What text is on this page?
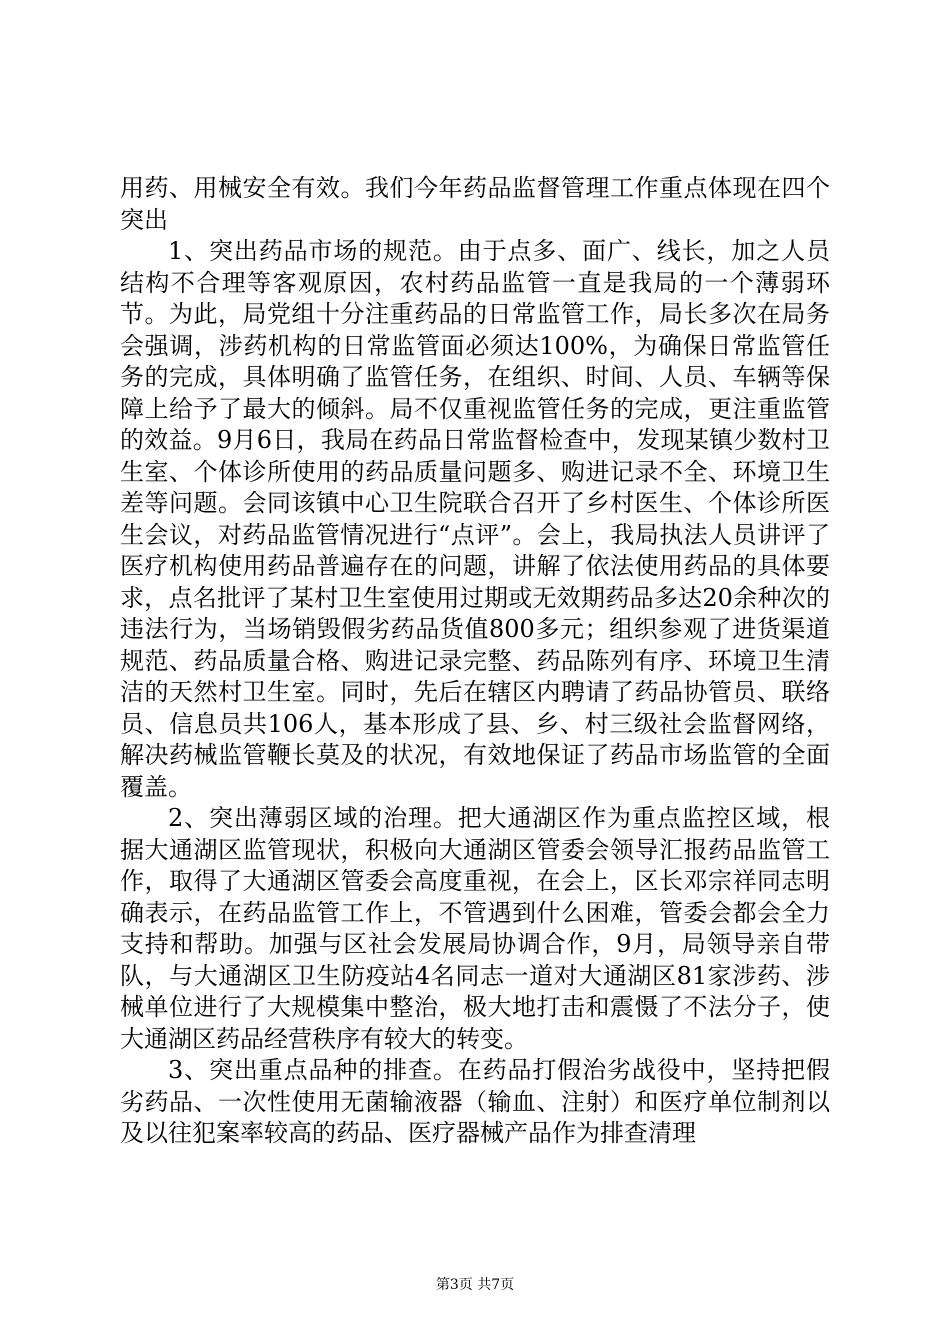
用药、用械安全有效。我们今年药品监督管理工作重点体现在四个突出

1、突出药品市场的规范。由于点多、面广、线长，加之人员结构不合理等客观原因，农村药品监管一直是我局的一个薄弱环节。为此，局党组十分注重药品的日常监管工作，局长多次在局务会强调，涉药机构的日常监管面必须达100%，为确保日常监管任务的完成，具体明确了监管任务，在组织、时间、人员、车辆等保障上给予了最大的倾斜。局不仅重视监管任务的完成，更注重监管的效益。9月6日，我局在药品日常监督检查中，发现某镇少数村卫生室、个体诊所使用的药品质量问题多、购进记录不全、环境卫生差等问题。会同该镇中心卫生院联合召开了乡村医生、个体诊所医生会议，对药品监管情况进行“点评”。会上，我局执法人员讲评了医疗机构使用药品普遍存在的问题，讲解了依法使用药品的具体要求，点名批评了某村卫生室使用过期或无效期药品多达20余种次的违法行为，当场销毁假劣药品货值800多元；组织参观了进货渠道规范、药品质量合格、购进记录完整、药品陈列有序、环境卫生清洁的天然村卫生室。同时，先后在辖区内聘请了药品协管员、联络员、信息员共106人，基本形成了县、乡、村三级社会监督网络，解决药械监管鞭长莫及的状况，有效地保证了药品市场监管的全面覆盖。

2、突出薄弱区域的治理。把大通湖区作为重点监控区域，根据大通湖区监管现状，积极向大通湖区管委会领导汇报药品监管工作，取得了大通湖区管委会高度重视，在会上，区长邓宗祥同志明确表示，在药品监管工作上，不管遇到什么困难，管委会都会全力支持和帮助。加强与区社会发展局协调合作，9月，局领导亲自带队，与大通湖区卫生防疫站4名同志一道对大通湖区81家涉药、涉械单位进行了大规模集中整治，极大地打击和震慑了不法分子，使大通湖区药品经营秩序有较大的转变。

3、突出重点品种的排查。在药品打假治劣战役中，坚持把假劣药品、一次性使用无菌输液器（输血、注射）和医疗单位制剂以及以往犯案率较高的药品、医疗器械产品作为排查清理

第3页 共7页
